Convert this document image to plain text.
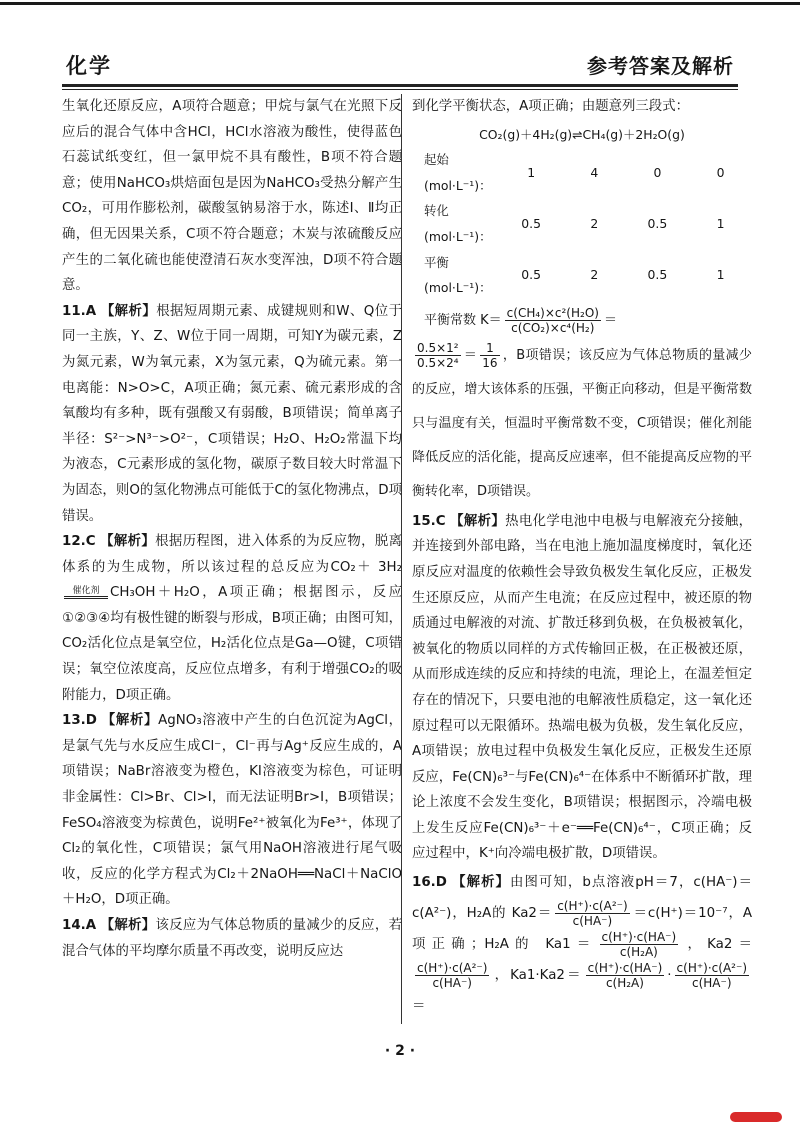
化学	参考答案及解析

生氧化还原反应，A项符合题意；甲烷与氯气在光照下反应后的混合气体中含HCl，HCl水溶液为酸性，使得蓝色石蕊试纸变红，但一氯甲烷不具有酸性，B项不符合题意；使用NaHCO₃烘焙面包是因为NaHCO₃受热分解产生CO₂，可用作膨松剂，碳酸氢钠易溶于水，陈述Ⅰ、Ⅱ均正确，但无因果关系，C项不符合题意；木炭与浓硫酸反应产生的二氧化硫也能使澄清石灰水变浑浊，D项不符合题意。

11.A 【解析】根据短周期元素、成键规则和W、Q位于同一主族，Y、Z、W位于同一周期，可知Y为碳元素，Z为氮元素，W为氧元素，X为氢元素，Q为硫元素。第一电离能：N>O>C，A项正确；氮元素、硫元素形成的含氧酸均有多种，既有强酸又有弱酸，B项错误；简单离子半径：S²⁻>N³⁻>O²⁻，C项错误；H₂O、H₂O₂常温下均为液态，C元素形成的氢化物，碳原子数目较大时常温下为固态，则O的氢化物沸点可能低于C的氢化物沸点，D项错误。

12.C 【解析】根据历程图，进入体系的为反应物，脱离体系的为生成物，所以该过程的总反应为CO₂＋ 3H₂
催化剂 CH₃OH＋H₂O，A项正确；根据图示，反应①②③④均有极性键的断裂与形成，B项正确；由图可知，CO₂活化位点是氧空位，H₂活化位点是Ga—O键，C项错误；氧空位浓度高，反应位点增多，有利于增强CO₂的吸附能力，D项正确。

13.D 【解析】AgNO₃溶液中产生的白色沉淀为AgCl，是氯气先与水反应生成Cl⁻，Cl⁻再与Ag⁺反应生成的，A项错误；NaBr溶液变为橙色，KI溶液变为棕色，可证明非金属性：Cl>Br、Cl>I，而无法证明Br>I，B项错误；FeSO₄溶液变为棕黄色，说明Fe²⁺被氧化为Fe³⁺，体现了Cl₂的氧化性，C项错误；氯气用NaOH溶液进行尾气吸收，反应的化学方程式为Cl₂＋2NaOH══NaCl＋NaClO＋H₂O，D项正确。

14.A 【解析】该反应为气体总物质的量减少的反应，若混合气体的平均摩尔质量不再改变，说明反应达

到化学平衡状态，A项正确；由题意列三段式：

CO₂(g)＋4H₂(g)⇌CH₄(g)＋2H₂O(g)
起始(mol·L⁻¹)：	1	4	0	0
转化(mol·L⁻¹)：	0.5	2	0.5	1
平衡(mol·L⁻¹)：	0.5	2	0.5	1
平衡常数 $K= \frac{\text{c(CH₄)×c²(H₂O)}}{\text{c(CO₂)×c⁴(H₂)}}$ ＝
$\frac{\text{0.5×1²}}{\text{0.5×2⁴}} = \frac{1}{16}$ ，B项错误；该反应为气体总物质的量减少的反应，增大该体系的压强，平衡正向移动，但是平衡常数只与温度有关，恒温时平衡常数不变，C项错误；催化剂能降低反应的活化能，提高反应速率，但不能提高反应物的平衡转化率，D项错误。

15.C 【解析】热电化学电池中电极与电解液充分接触，并连接到外部电路，当在电池上施加温度梯度时，氧化还原反应对温度的依赖性会导致负极发生氧化反应，正极发生还原反应，从而产生电流；在反应过程中，被还原的物质通过电解液的对流、扩散迁移到负极，在负极被氧化，被氧化的物质以同样的方式传输回正极，在正极被还原，从而形成连续的反应和持续的电流，理论上，在温差恒定存在的情况下，只要电池的电解液性质稳定，这一氧化还原过程可以无限循环。热端电极为负极，发生氧化反应，A项错误；放电过程中负极发生氧化反应，正极发生还原反应，Fe(CN)₆³⁻与Fe(CN)₆⁴⁻在体系中不断循环扩散，理论上浓度不会发生变化，B项错误；根据图示，冷端电极上发生反应Fe(CN)₆³⁻＋e⁻══Fe(CN)₆⁴⁻，C项正确；反应过程中，K⁺向冷端电极扩散，D项错误。

16.D 【解析】由图可知，b点溶液pH＝7，c(HA⁻)＝c(A²⁻)，H₂A的 $Ka2= \frac{\text{c(H⁺)·c(A²⁻)}}{c(HA^-)} =c(H^+)=10^{-7}$，A项正确；H₂A的 $Ka1= \frac{c(H^+)\cdot c(HA^-)}{\text{c(H₂A)}}$ ，Ka2＝
$\frac{\text{c(H⁺)·c(A²⁻)}}{c(HA^-)}$ ，$Ka1\cdot Ka2= \frac{c(H^+)\cdot c(HA^-)}{\text{c(H₂A)}} \cdot \frac{\text{c(H⁺)·c(A²⁻)}}{c(HA^-)}$
＝

· 2 ·
